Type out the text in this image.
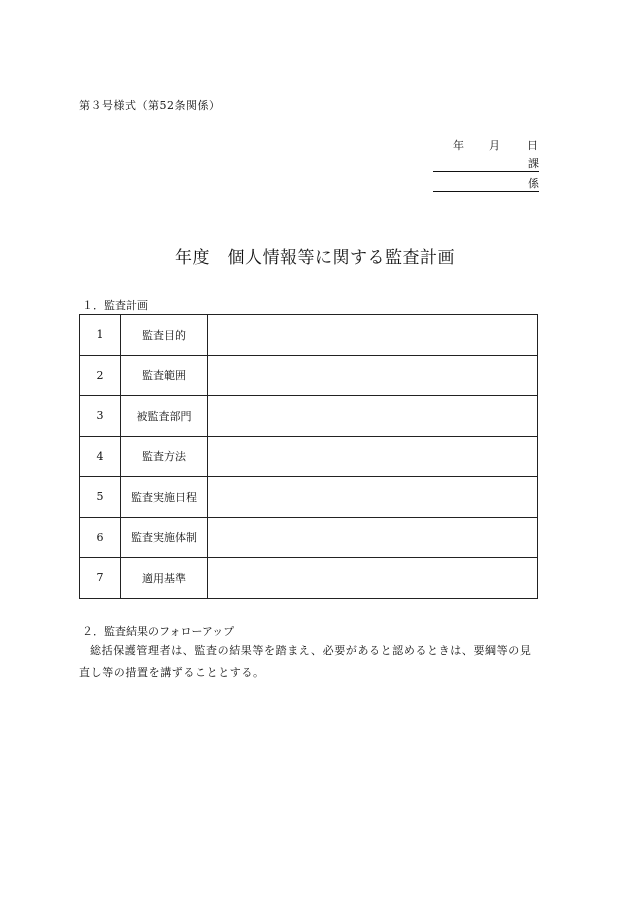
第３号様式（第52条関係）
年	月	日
課
係
年度　個人情報等に関する監査計画
１．監査計画
1	監査目的	
2	監査範囲	
3	被監査部門	
4	監査方法	
5	監査実施日程	
6	監査実施体制	
7	適用基準	
２．監査結果のフォローアップ
総括保護管理者は、監査の結果等を踏まえ、必要があると認めるときは、要綱等の見直し等の措置を講ずることとする。
